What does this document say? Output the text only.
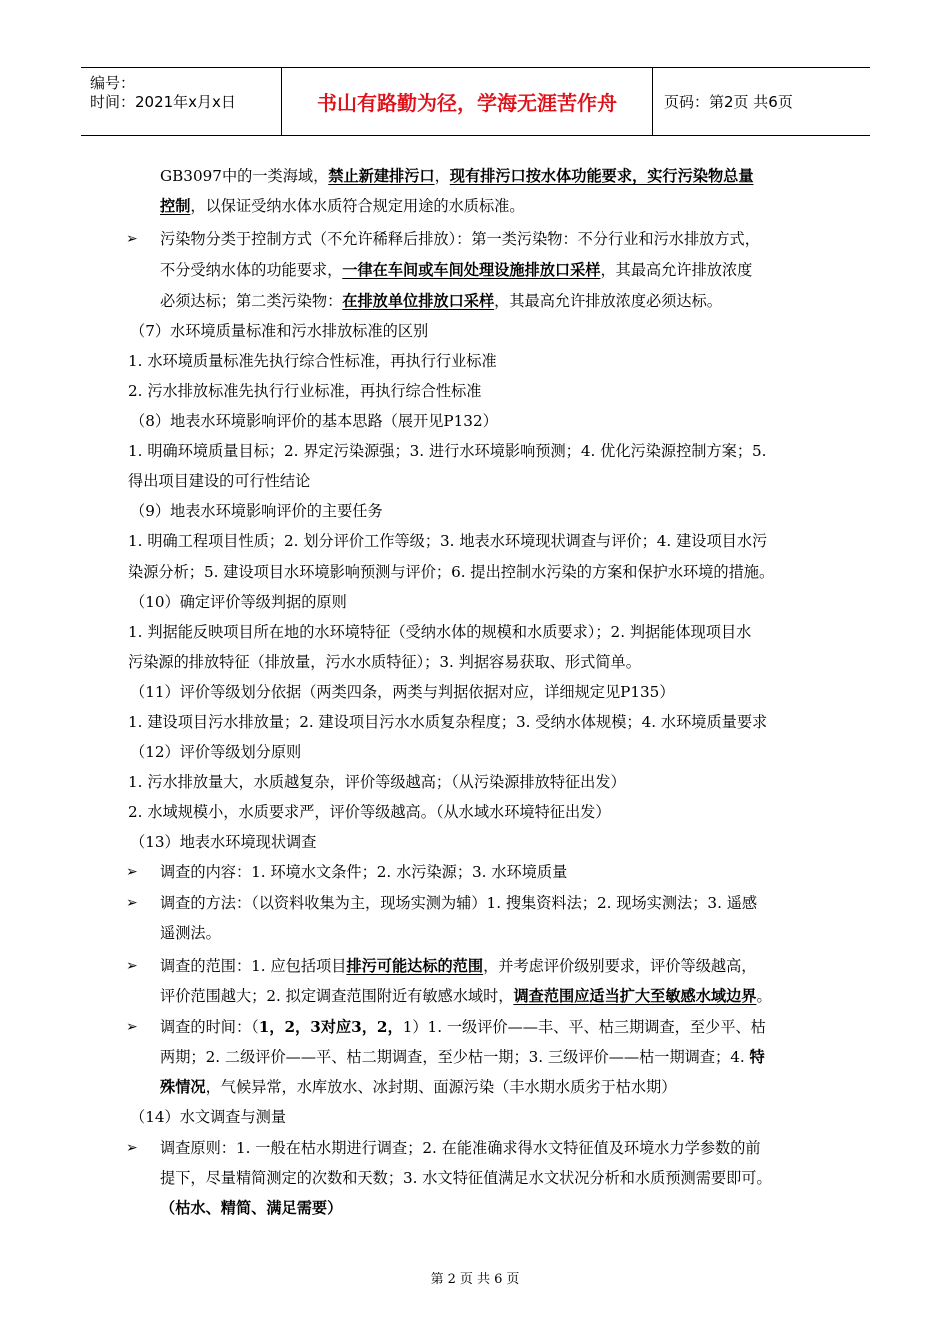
编号：
时间：2021年x月x日	书山有路勤为径，学海无涯苦作舟	页码：第2页 共6页
GB3097中的一类海域，禁止新建排污口，现有排污口按水体功能要求，实行污染物总量
控制，以保证受纳水体水质符合规定用途的水质标准。
➢ 污染物分类于控制方式（不允许稀释后排放）：第一类污染物：不分行业和污水排放方式，
不分受纳水体的功能要求，一律在车间或车间处理设施排放口采样，其最高允许排放浓度
必须达标；第二类污染物：在排放单位排放口采样，其最高允许排放浓度必须达标。
（7）水环境质量标准和污水排放标准的区别
1. 水环境质量标准先执行综合性标准，再执行行业标准
2. 污水排放标准先执行行业标准，再执行综合性标准
（8）地表水环境影响评价的基本思路（展开见P132）
1. 明确环境质量目标；2. 界定污染源强；3. 进行水环境影响预测；4. 优化污染源控制方案；5.
得出项目建设的可行性结论
（9）地表水环境影响评价的主要任务
1. 明确工程项目性质；2. 划分评价工作等级；3. 地表水环境现状调查与评价；4. 建设项目水污
染源分析；5. 建设项目水环境影响预测与评价；6. 提出控制水污染的方案和保护水环境的措施。
（10）确定评价等级判据的原则
1. 判据能反映项目所在地的水环境特征（受纳水体的规模和水质要求）；2. 判据能体现项目水
污染源的排放特征（排放量，污水水质特征）；3. 判据容易获取、形式简单。
（11）评价等级划分依据（两类四条，两类与判据依据对应，详细规定见P135）
1. 建设项目污水排放量；2. 建设项目污水水质复杂程度；3. 受纳水体规模；4. 水环境质量要求
（12）评价等级划分原则
1. 污水排放量大，水质越复杂，评价等级越高；（从污染源排放特征出发）
2. 水域规模小，水质要求严，评价等级越高。（从水域水环境特征出发）
（13）地表水环境现状调查
➢ 调查的内容：1. 环境水文条件；2. 水污染源；3. 水环境质量
➢ 调查的方法：（以资料收集为主，现场实测为辅）1. 搜集资料法；2. 现场实测法；3. 遥感
遥测法。
➢ 调查的范围：1. 应包括项目排污可能达标的范围，并考虑评价级别要求，评价等级越高，
评价范围越大；2. 拟定调查范围附近有敏感水域时，调查范围应适当扩大至敏感水域边界。
➢ 调查的时间：（1，2，3对应3，2，1）1. 一级评价——丰、平、枯三期调查，至少平、枯
两期；2. 二级评价——平、枯二期调查，至少枯一期；3. 三级评价——枯一期调查；4. 特
殊情况，气候异常，水库放水、冰封期、面源污染（丰水期水质劣于枯水期）
（14）水文调查与测量
➢ 调查原则：1. 一般在枯水期进行调查；2. 在能准确求得水文特征值及环境水力学参数的前
提下，尽量精简测定的次数和天数；3. 水文特征值满足水文状况分析和水质预测需要即可。
（枯水、精简、满足需要）
第 2 页 共 6 页
